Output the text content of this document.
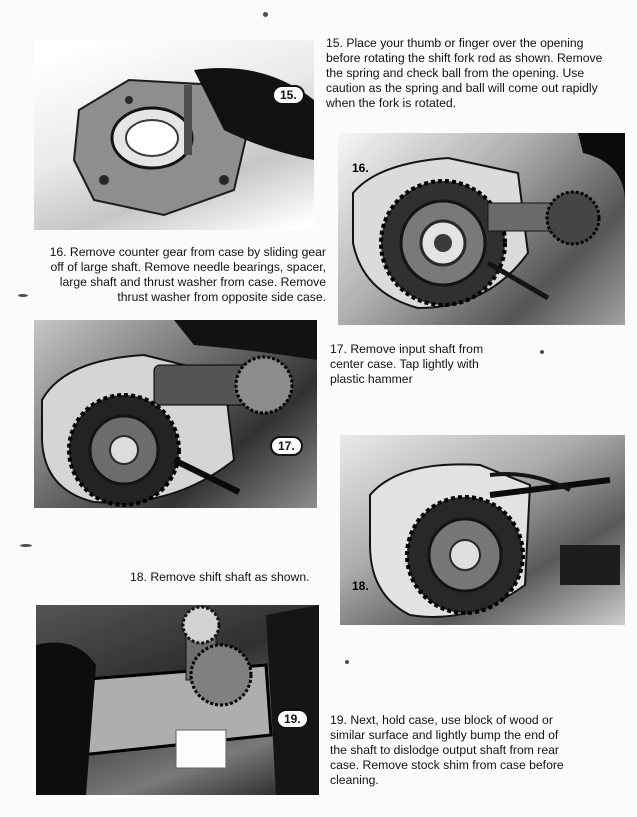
15.

15. Place your thumb or finger over the opening before rotating the shift fork rod as shown. Remove the spring and check ball from the opening. Use caution as the spring and ball will come out rapidly when the fork is rotated.

16.

16. Remove counter gear from case by sliding gear off of large shaft. Remove needle bearings, spacer, large shaft and thrust washer from case. Remove thrust washer from opposite side case.

17.

17. Remove input shaft from center case. Tap lightly with plastic hammer

18.

18. Remove shift shaft as shown.

19.	19. Next, hold case, use block of wood or similar surface and lightly bump the end of the shaft to dislodge output shaft from rear case. Remove stock shim from case before cleaning.
